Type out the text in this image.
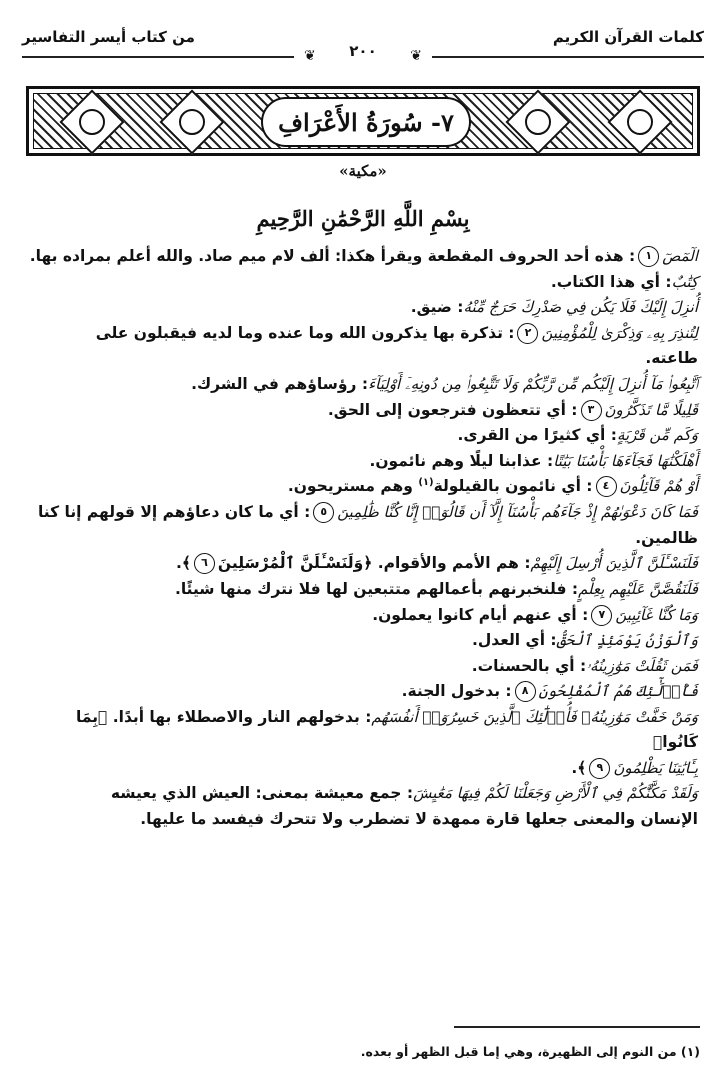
كلمات القرآن الكريم
من كتاب أيسر التفاسير
❦	❦
٢٠٠
٧- سُورَةُ الأَعْرَافِ
«مكية»
بِسْمِ اللَّهِ الرَّحْمَٰنِ الرَّحِيمِ
الٓمٓصٓ١: هذه أحد الحروف المقطعة ويقرأ هكذا: ألف لام ميم صاد. والله أعلم بمراده بها.
كِتَٰبٌ: أي هذا الكتاب.
أُنزِلَ إِلَيْكَ فَلَا يَكُن فِي صَدْرِكَ حَرَجٌ مِّنْهُ: ضيق.
لِتُنذِرَ بِهِۦ وَذِكْرَىٰ لِلْمُؤْمِنِينَ٢: تذكرة بها يذكرون الله وما عنده وما لديه فيقبلون على
طاعته.
ٱتَّبِعُوا۟ مَآ أُنزِلَ إِلَيْكُم مِّن رَّبِّكُمْ وَلَا تَتَّبِعُوا۟ مِن دُونِهِۦٓ أَوْلِيَآءَ: رؤساؤهم في الشرك.
قَلِيلًا مَّا تَذَكَّرُونَ٣: أي تتعظون فترجعون إلى الحق.
وَكَم مِّن قَرْيَةٍ: أي كثيرًا من القرى.
أَهْلَكْنَٰهَا فَجَآءَهَا بَأْسُنَا بَيَٰتًا: عذابنا ليلًا وهم نائمون.
أَوْ هُمْ قَآئِلُونَ٤: أي نائمون بالقيلولة$^{(١)}$ وهم مستريحون.
فَمَا كَانَ دَعْوَىٰهُمْ إِذْ جَآءَهُم بَأْسُنَآ إِلَّآ أَن قَالُوٓا۟ إِنَّا كُنَّا ظَٰلِمِينَ٥: أي ما كان دعاؤهم إلا قولهم إنا كنا
ظالمين.
فَلَنَسْـَٔلَنَّ ٱلَّذِينَ أُرْسِلَ إِلَيْهِمْ: هم الأمم والأقوام. ﴿وَلَنَسْـَٔلَنَّ ٱلْمُرْسَلِينَ٦﴾.
فَلَنَقُصَّنَّ عَلَيْهِم بِعِلْمٍ: فلنخبرنهم بأعمالهم متتبعين لها فلا نترك منها شيئًا.
وَمَا كُنَّا غَآئِبِينَ٧: أي عنهم أيام كانوا يعملون.
وَٱلْوَزْنُ يَوْمَئِذٍ ٱلْحَقُّ: أي العدل.
فَمَن ثَقُلَتْ مَوَٰزِينُهُۥ: أي بالحسنات.
فَأُو۟لَٰٓئِكَ هُمُ ٱلْمُفْلِحُونَ٨: بدخول الجنة.
وَمَنْ خَفَّتْ مَوَٰزِينُهُۥ فَأُو۟لَٰٓئِكَ ٱلَّذِينَ خَسِرُوٓا۟ أَنفُسَهُم: بدخولهم النار والاصطلاء بها أبدًا. ﴿بِمَا كَانُوا۟
بِـَٔايَٰتِنَا يَظْلِمُونَ٩﴾.
وَلَقَدْ مَكَّنَّٰكُمْ فِي ٱلْأَرْضِ وَجَعَلْنَا لَكُمْ فِيهَا مَعَٰيِشَ: جمع معيشة بمعنى: العيش الذي يعيشه
الإنسان والمعنى جعلها قارة ممهدة لا تضطرب ولا تتحرك فيفسد ما عليها.
(١) من النوم إلى الظهيرة، وهي إما قبل الظهر أو بعده.
